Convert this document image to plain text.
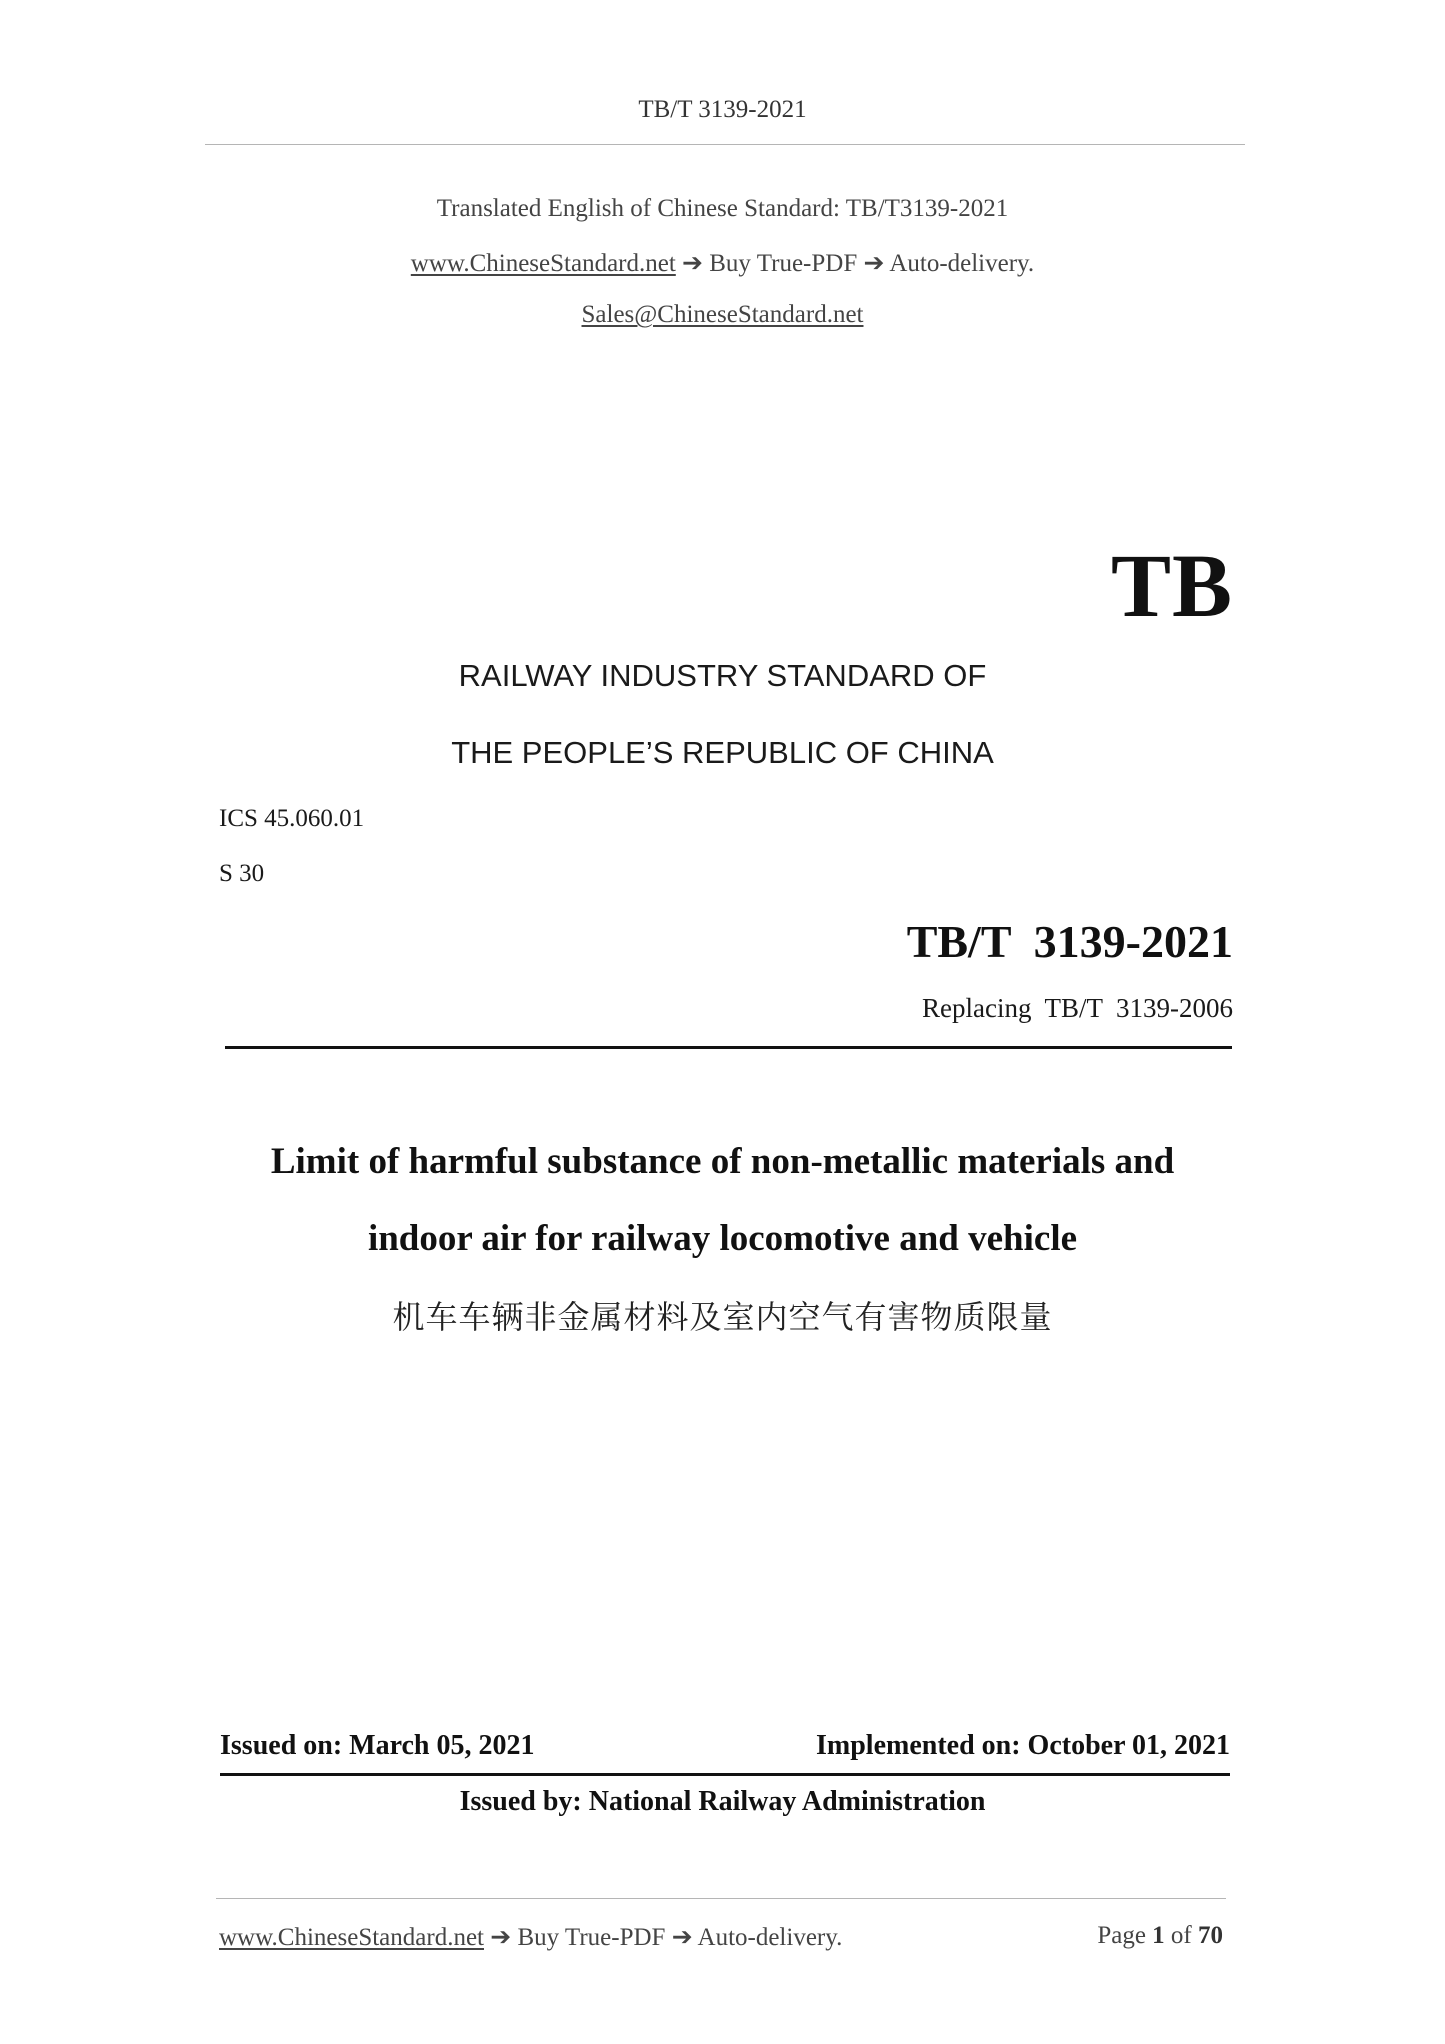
TB/T 3139-2021
Translated English of Chinese Standard: TB/T3139-2021
www.ChineseStandard.net ➔ Buy True-PDF ➔ Auto-delivery.
Sales@ChineseStandard.net
TB
RAILWAY INDUSTRY STANDARD OF
THE PEOPLE’S REPUBLIC OF CHINA
ICS 45.060.01
S 30
TB/T  3139-2021
Replacing  TB/T  3139-2006
Limit of harmful substance of non-metallic materials and
indoor air for railway locomotive and vehicle
机车车辆非金属材料及室内空气有害物质限量
Issued on: March 05, 2021	Implemented on: October 01, 2021
Issued by: National Railway Administration
www.ChineseStandard.net ➔ Buy True-PDF ➔ Auto-delivery.	Page 1 of 70
